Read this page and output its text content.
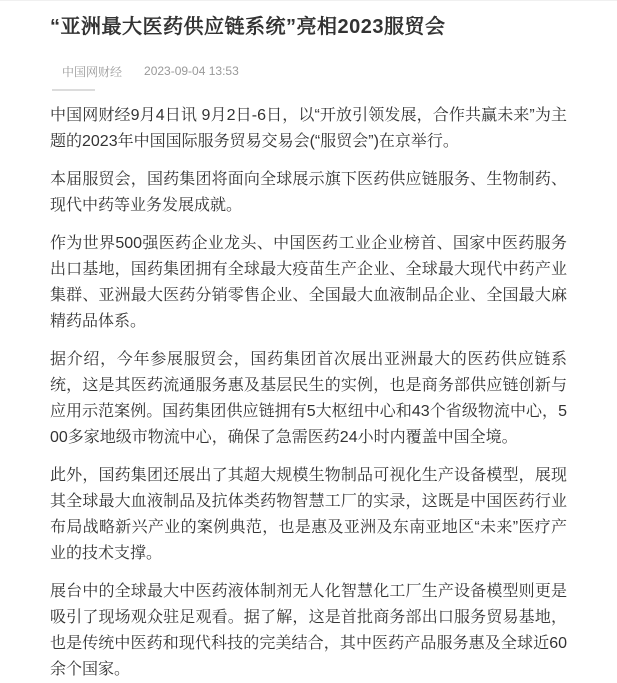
“亚洲最大医药供应链系统”亮相2023服贸会
中国网财经 2023-09-04 13:53

中国网财经9月4日讯 9月2日-6日，以“开放引领发展，合作共赢未来”为主题的2023年中国国际服务贸易交易会(“服贸会”)在京举行。

本届服贸会，国药集团将面向全球展示旗下医药供应链服务、生物制药、现代中药等业务发展成就。

作为世界500强医药企业龙头、中国医药工业企业榜首、国家中医药服务出口基地，国药集团拥有全球最大疫苗生产企业、全球最大现代中药产业集群、亚洲最大医药分销零售企业、全国最大血液制品企业、全国最大麻精药品体系。

据介绍，今年参展服贸会，国药集团首次展出亚洲最大的医药供应链系统，这是其医药流通服务惠及基层民生的实例，也是商务部供应链创新与应用示范案例。国药集团供应链拥有5大枢纽中心和43个省级物流中心，500多家地级市物流中心，确保了急需医药24小时内覆盖中国全境。

此外，国药集团还展出了其超大规模生物制品可视化生产设备模型，展现其全球最大血液制品及抗体类药物智慧工厂的实录，这既是中国医药行业布局战略新兴产业的案例典范，也是惠及亚洲及东南亚地区“未来”医疗产业的技术支撑。

展台中的全球最大中医药液体制剂无人化智慧化工厂生产设备模型则更是吸引了现场观众驻足观看。据了解，这是首批商务部出口服务贸易基地，也是传统中医药和现代科技的完美结合，其中医药产品服务惠及全球近60余个国家。
